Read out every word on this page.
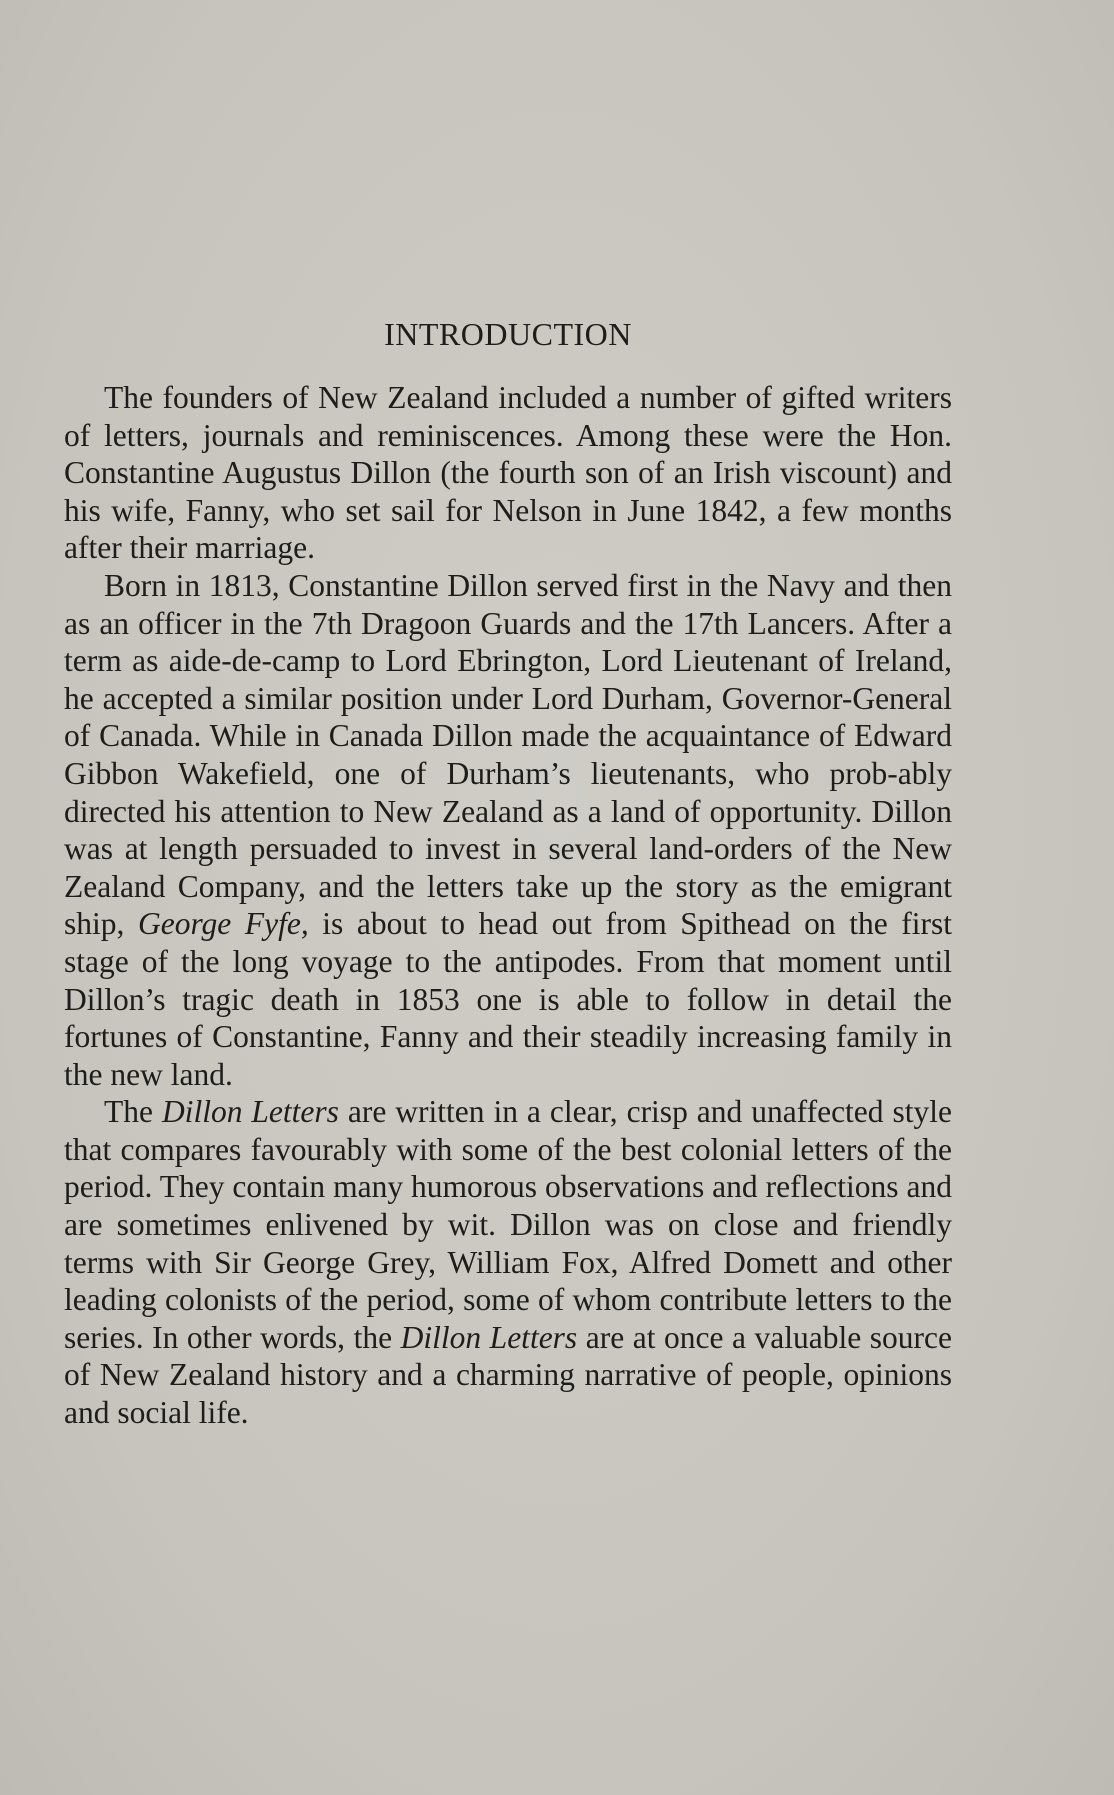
INTRODUCTION

The founders of New Zealand included a number of gifted writers of letters, journals and reminiscences. Among these were the Hon. Constantine Augustus Dillon (the fourth son of an Irish viscount) and his wife, Fanny, who set sail for Nelson in June 1842, a few months after their marriage.

Born in 1813, Constantine Dillon served first in the Navy and then as an officer in the 7th Dragoon Guards and the 17th Lancers. After a term as aide-de-camp to Lord Ebrington, Lord Lieutenant of Ireland, he accepted a similar position under Lord Durham, Governor-General of Canada. While in Canada Dillon made the acquaintance of Edward Gibbon Wakefield, one of Durham’s lieutenants, who prob-ably directed his attention to New Zealand as a land of opportunity. Dillon was at length persuaded to invest in several land-orders of the New Zealand Company, and the letters take up the story as the emigrant ship, George Fyfe, is about to head out from Spithead on the first stage of the long voyage to the antipodes. From that moment until Dillon’s tragic death in 1853 one is able to follow in detail the fortunes of Constantine, Fanny and their steadily increasing family in the new land.

The Dillon Letters are written in a clear, crisp and unaffected style that compares favourably with some of the best colonial letters of the period. They contain many humorous observations and reflections and are sometimes enlivened by wit. Dillon was on close and friendly terms with Sir George Grey, William Fox, Alfred Domett and other leading colonists of the period, some of whom contribute letters to the series. In other words, the Dillon Letters are at once a valuable source of New Zealand history and a charming narrative of people, opinions and social life.
